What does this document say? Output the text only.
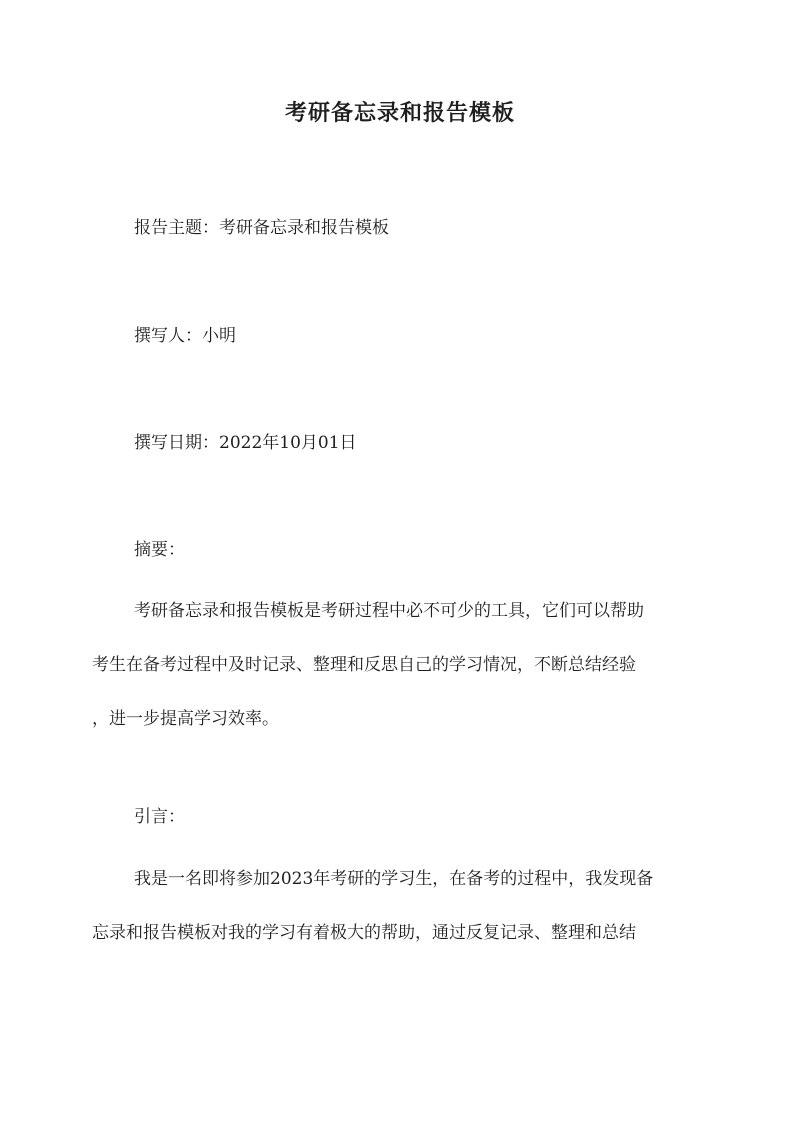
考研备忘录和报告模板
报告主题：考研备忘录和报告模板
撰写人：小明
撰写日期：2022年10月01日
摘要：
考研备忘录和报告模板是考研过程中必不可少的工具，它们可以帮助
考生在备考过程中及时记录、整理和反思自己的学习情况，不断总结经验
，进一步提高学习效率。
引言：
我是一名即将参加2023年考研的学习生，在备考的过程中，我发现备
忘录和报告模板对我的学习有着极大的帮助，通过反复记录、整理和总结
